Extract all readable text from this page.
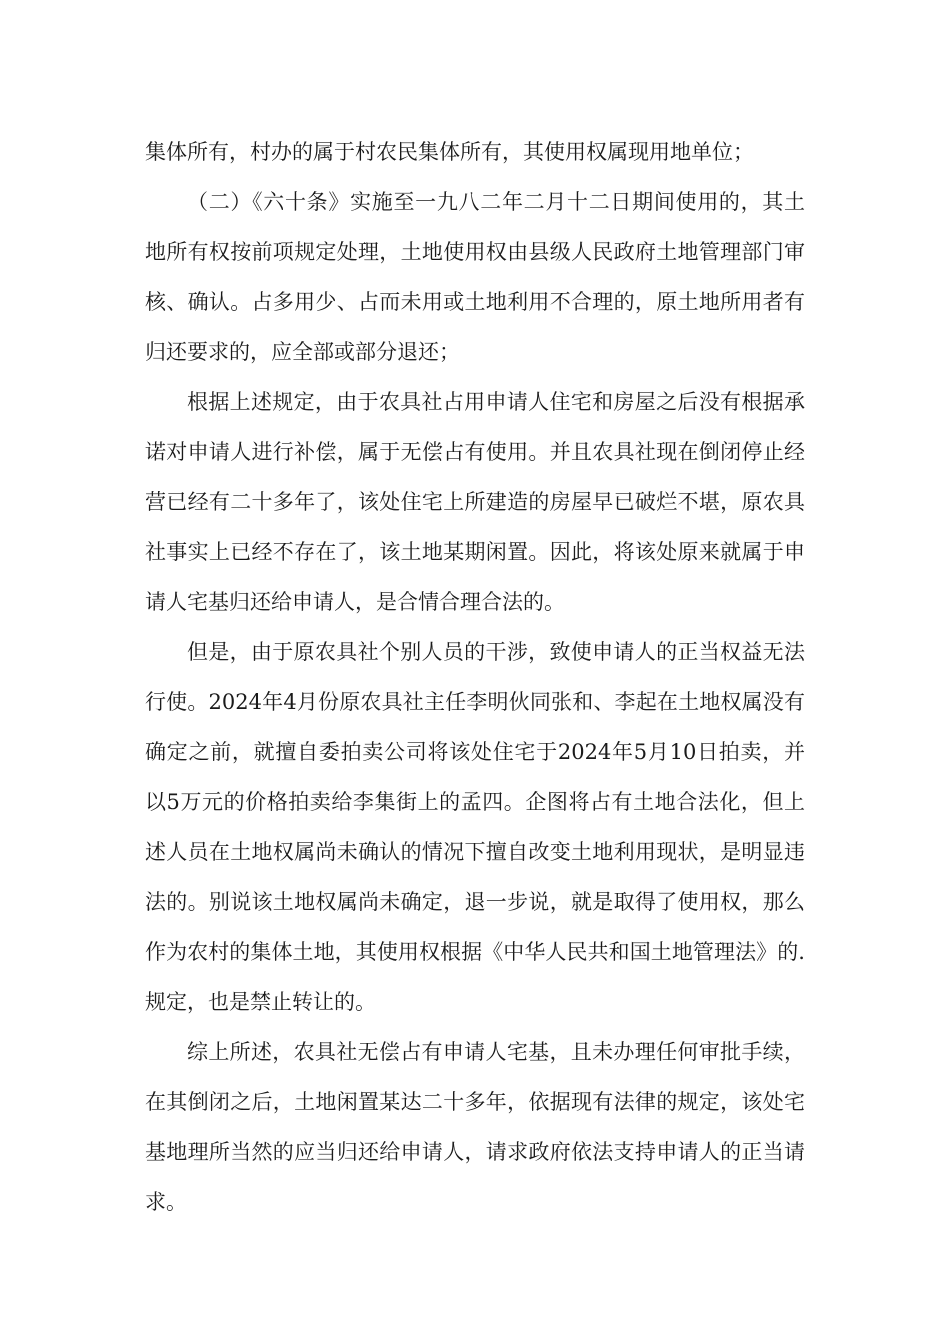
集体所有，村办的属于村农民集体所有，其使用权属现用地单位；

（二）《六十条》实施至一九八二年二月十二日期间使用的，其土地所有权按前项规定处理，土地使用权由县级人民政府土地管理部门审核、确认。占多用少、占而未用或土地利用不合理的，原土地所用者有归还要求的，应全部或部分退还；

根据上述规定，由于农具社占用申请人住宅和房屋之后没有根据承诺对申请人进行补偿，属于无偿占有使用。并且农具社现在倒闭停止经营已经有二十多年了，该处住宅上所建造的房屋早已破烂不堪，原农具社事实上已经不存在了，该土地某期闲置。因此，将该处原来就属于申请人宅基归还给申请人，是合情合理合法的。

但是，由于原农具社个别人员的干涉，致使申请人的正当权益无法行使。2024年4月份原农具社主任李明伙同张和、李起在土地权属没有确定之前，就擅自委拍卖公司将该处住宅于2024年5月10日拍卖，并以5万元的价格拍卖给李集街上的孟四。企图将占有土地合法化，但上述人员在土地权属尚未确认的情况下擅自改变土地利用现状，是明显违法的。别说该土地权属尚未确定，退一步说，就是取得了使用权，那么作为农村的集体土地，其使用权根据《中华人民共和国土地管理法》的.规定，也是禁止转让的。

综上所述，农具社无偿占有申请人宅基，且未办理任何审批手续，在其倒闭之后，土地闲置某达二十多年，依据现有法律的规定，该处宅基地理所当然的应当归还给申请人，请求政府依法支持申请人的正当请求。
